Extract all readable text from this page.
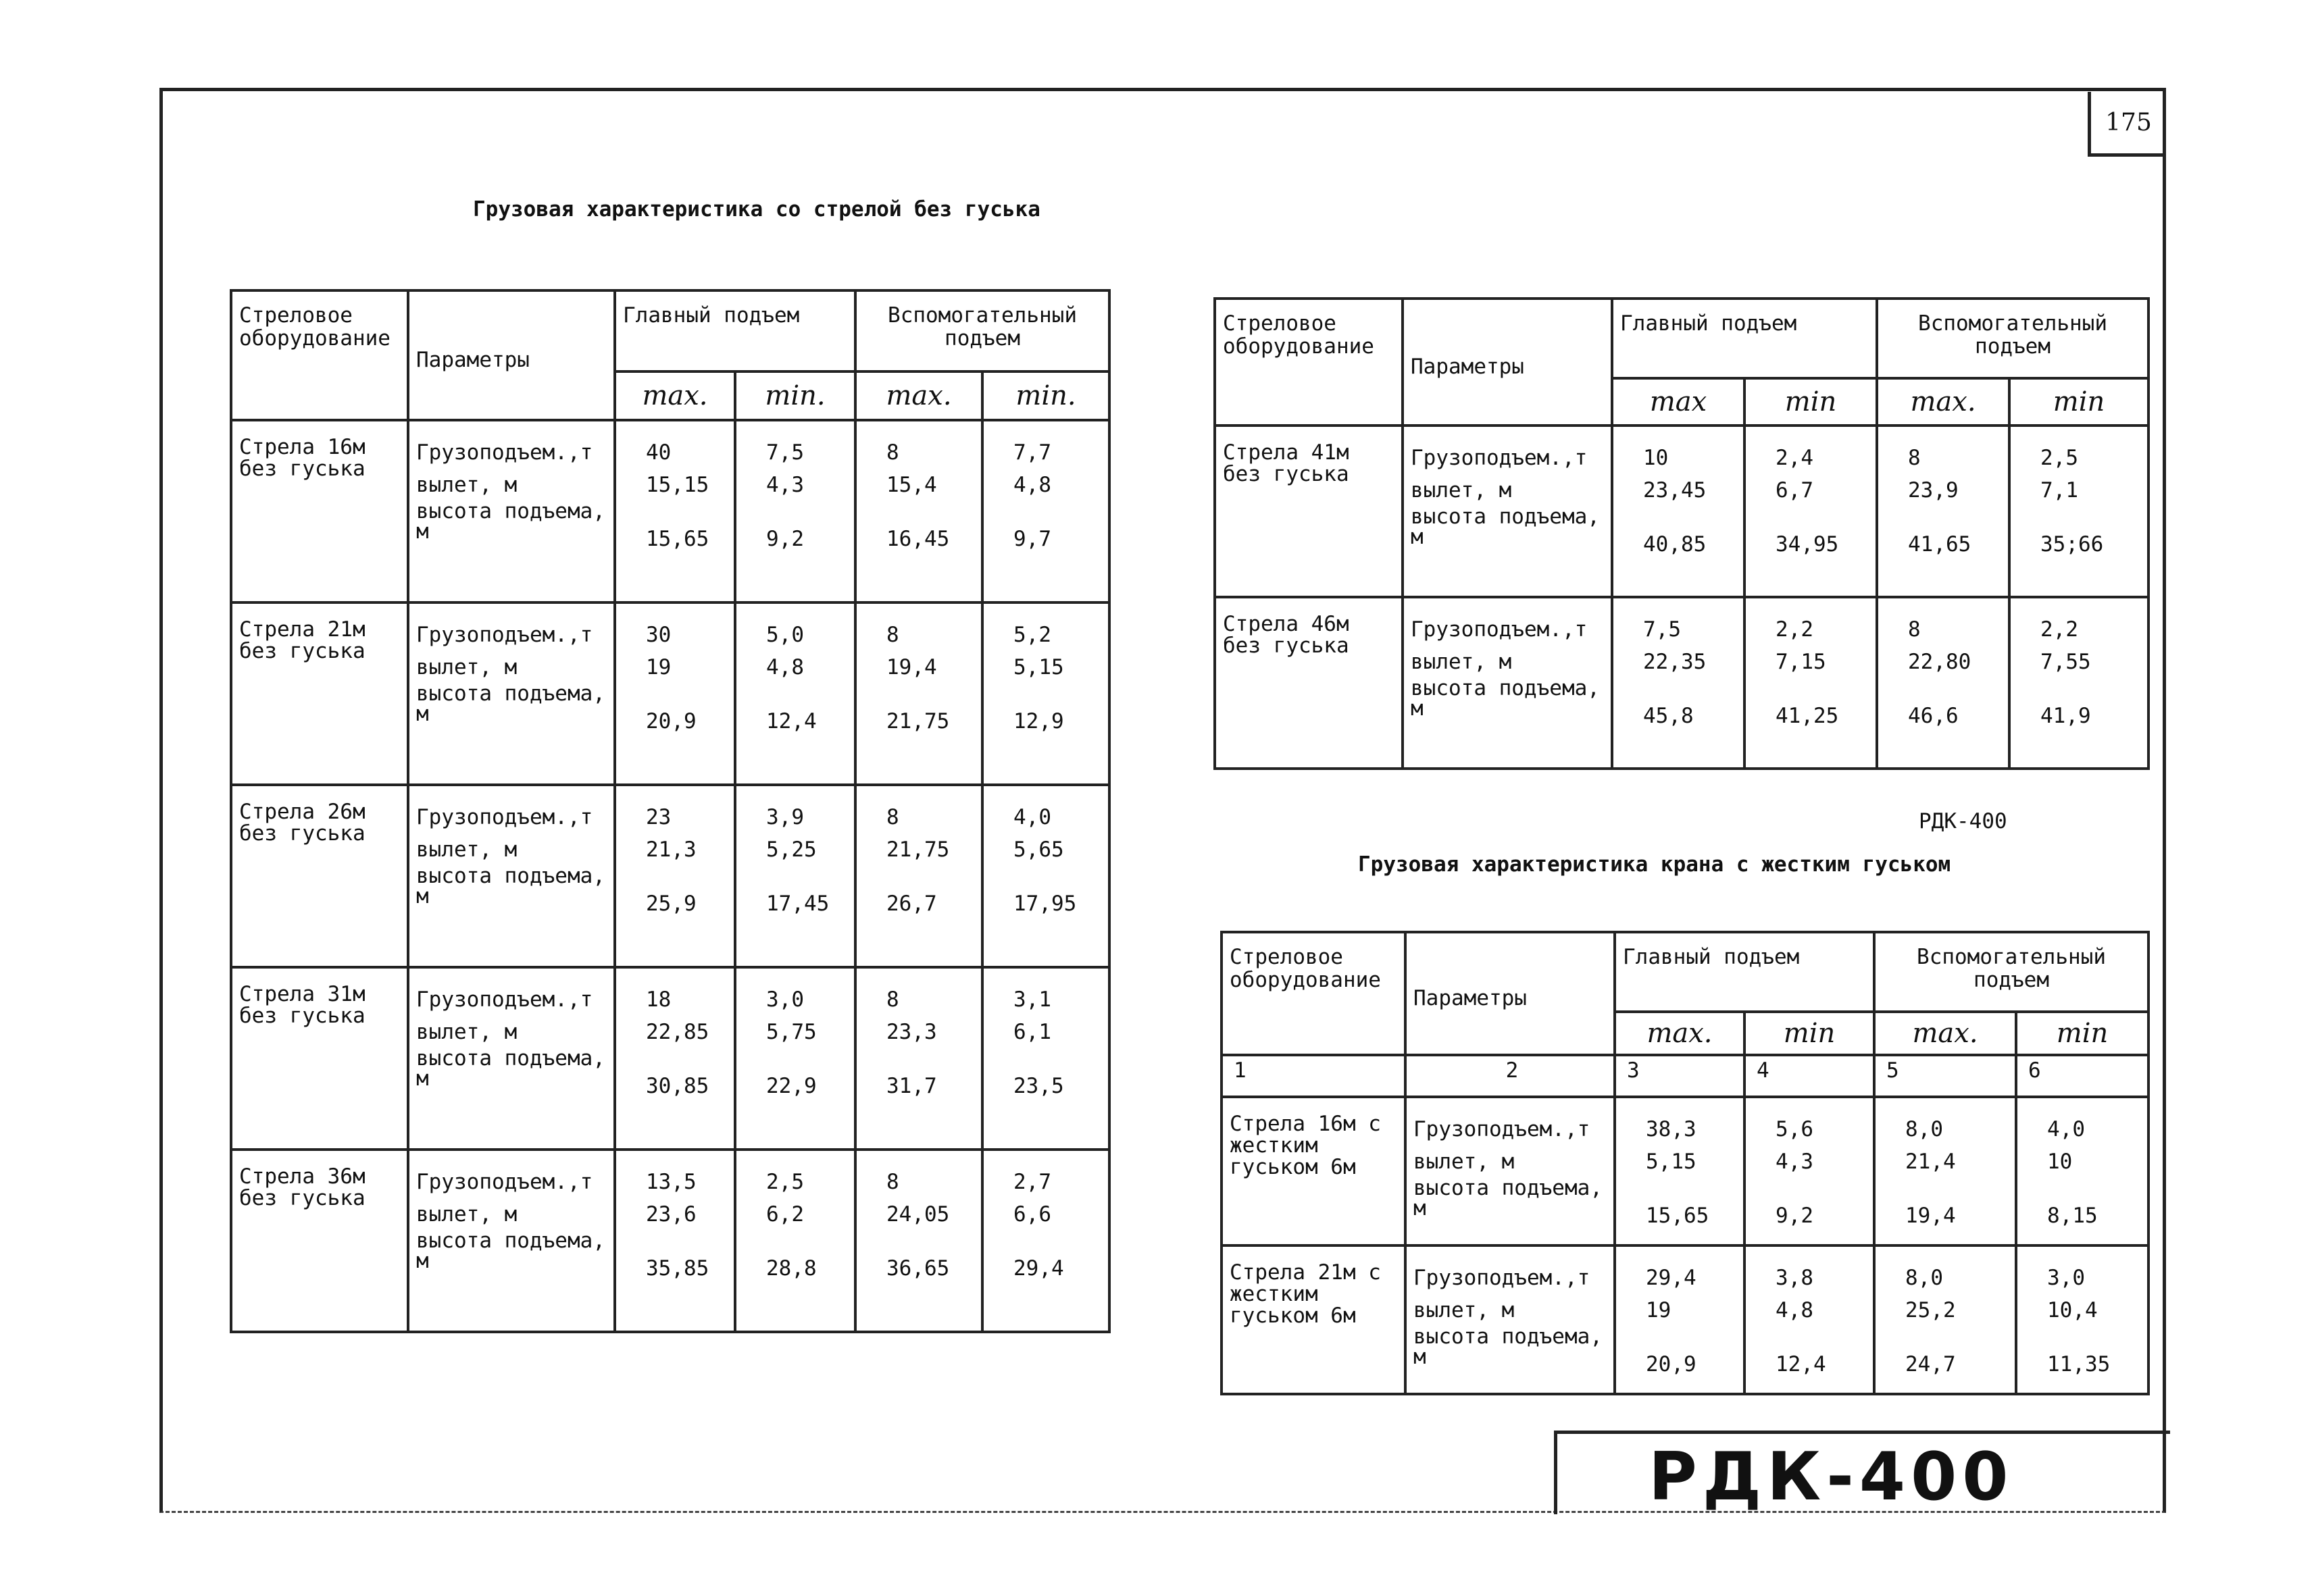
175
Грузовая характеристика со стрелой без гуська
Стреловое оборудование	Параметры	Главный подъем		Вспомогательный подъем	
		max.	min.	max.	min.
Стрела 16м без гуська	Грузоподъем.,т
вылет, м
высота подъема, м	40
15,15
15,65	7,5
4,3
9,2	8
15,4
16,45	7,7
4,8
9,7

Стрела 21м без гуська	Грузоподъем.,т
вылет, м
высота подъема, м	30
19
20,9	5,0
4,8
12,4	8
19,4
21,75	5,2
5,15
12,9

Стрела 26м без гуська	Грузоподъем.,т
вылет, м
высота подъема, м	23
21,3
25,9	3,9
5,25
17,45	8
21,75
26,7	4,0
5,65
17,95

Стрела 31м без гуська	Грузоподъем.,т
вылет, м
высота подъема, м	18
22,85
30,85	3,0
5,75
22,9	8
23,3
31,7	3,1
6,1
23,5

Стрела 36м без гуська	Грузоподъем.,т
вылет, м
высота подъема, м	13,5
23,6
35,85	2,5
6,2
28,8	8
24,05
36,65	2,7
6,6
29,4
Стреловое оборудование	Параметры	Главный подъем		Вспомогательный подъем	
		max	min	max.	min
Стрела 41м без гуська	Грузоподъем.,т
вылет, м
высота подъема, м	10
23,45
40,85	2,4
6,7
34,95	8
23,9
41,65	2,5
7,1
35;66

Стрела 46м без гуська	Грузоподъем.,т
вылет, м
высота подъема, м	7,5
22,35
45,8	2,2
7,15
41,25	8
22,80
46,6	2,2
7,55
41,9
РДК-400
Грузовая характеристика крана с жестким гуськом
Стреловое оборудование	Параметры	Главный подъем		Вспомогательный подъем	
		max.	min	max.	min
1	2	3	4	5	6
Стрела 16м с жестким гуськом 6м	Грузоподъем.,т
вылет, м
высота подъема, м	38,3
5,15
15,65	5,6
4,3
9,2	8,0
21,4
19,4	4,0
10
8,15

Стрела 21м с жестким гуськом 6м	Грузоподъем.,т
вылет, м
высота подъема, м	29,4
19
20,9	3,8
4,8
12,4	8,0
25,2
24,7	3,0
10,4
11,35
РДК-400
